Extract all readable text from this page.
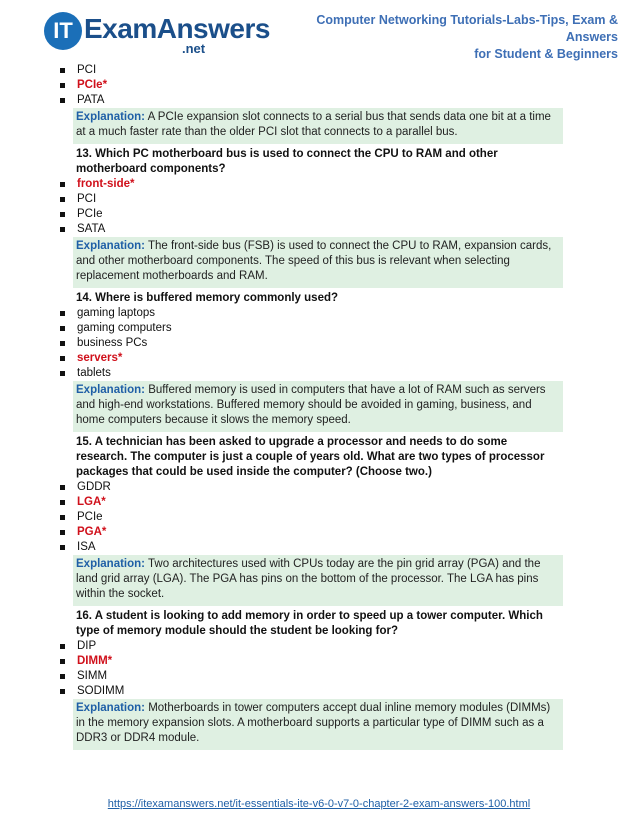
IT ExamAnswers
.net
Computer Networking Tutorials-Labs-Tips, Exam & Answers
for Student & Beginners
PCI
PCIe*
PATA
Explanation: A PCIe expansion slot connects to a serial bus that sends data one bit at a time at a much faster rate than the older PCI slot that connects to a parallel bus.
13. Which PC motherboard bus is used to connect the CPU to RAM and other motherboard components?
front-side*
PCI
PCIe
SATA
Explanation: The front-side bus (FSB) is used to connect the CPU to RAM, expansion cards, and other motherboard components. The speed of this bus is relevant when selecting replacement motherboards and RAM.
14. Where is buffered memory commonly used?
gaming laptops
gaming computers
business PCs
servers*
tablets
Explanation: Buffered memory is used in computers that have a lot of RAM such as servers and high-end workstations. Buffered memory should be avoided in gaming, business, and home computers because it slows the memory speed.
15. A technician has been asked to upgrade a processor and needs to do some research. The computer is just a couple of years old. What are two types of processor packages that could be used inside the computer? (Choose two.)
GDDR
LGA*
PCIe
PGA*
ISA
Explanation: Two architectures used with CPUs today are the pin grid array (PGA) and the land grid array (LGA). The PGA has pins on the bottom of the processor. The LGA has pins within the socket.
16. A student is looking to add memory in order to speed up a tower computer. Which type of memory module should the student be looking for?
DIP
DIMM*
SIMM
SODIMM
Explanation: Motherboards in tower computers accept dual inline memory modules (DIMMs) in the memory expansion slots. A motherboard supports a particular type of DIMM such as a DDR3 or DDR4 module.
https://itexamanswers.net/it-essentials-ite-v6-0-v7-0-chapter-2-exam-answers-100.html
